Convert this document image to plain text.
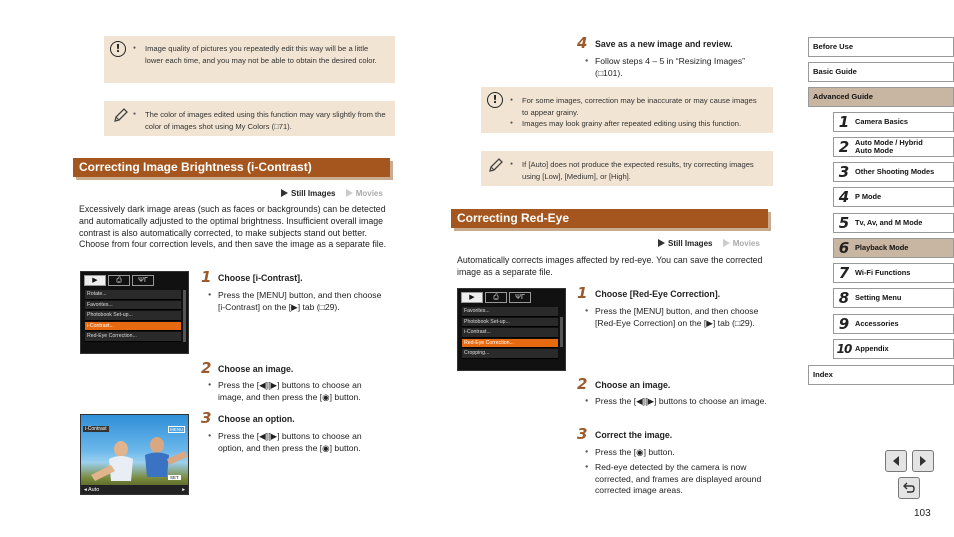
!	● Image quality of pictures you repeatedly edit this way will be a little lower each time, and you may not be able to obtain the desired color.
● The color of images edited using this function may vary slightly from the color of images shot using My Colors (□71).
Correcting Image Brightness (i-Contrast)
Still Images	Movies
Excessively dark image areas (such as faces or backgrounds) can be detected and automatically adjusted to the optimal brightness. Insufficient overall image contrast is also automatically corrected, to make subjects stand out better. Choose from four correction levels, and then save the image as a separate file.
▶	⎙	ΨΓ
Rotate...
Favorites...
Photobook Set-up...
i-Contrast...
Red-Eye Correction...
1 Choose [i-Contrast].
● Press the [MENU] button, and then choose [i-Contrast] on the [▶] tab (□29).
2 Choose an image.
● Press the [◀][▶] buttons to choose an image, and then press the [◉] button.
3 Choose an option.
● Press the [◀][▶] buttons to choose an option, and then press the [◉] button.
i-Contrast	MENU
SET
◂ Auto	▸
4 Save as a new image and review.
● Follow steps 4 – 5 in “Resizing Images” (□101).
!	● For some images, correction may be inaccurate or may cause images to appear grainy.
● Images may look grainy after repeated editing using this function.
● If [Auto] does not produce the expected results, try correcting images using [Low], [Medium], or [High].
Correcting Red-Eye
Still Images	Movies
Automatically corrects images affected by red-eye. You can save the corrected image as a separate file.
▶	⎙	ΨΓ
Favorites...
Photobook Set-up...
i-Contrast...
Red-Eye Correction...
Cropping...
1 Choose [Red-Eye Correction].
● Press the [MENU] button, and then choose [Red-Eye Correction] on the [▶] tab (□29).
2 Choose an image.
● Press the [◀][▶] buttons to choose an image.
3 Correct the image.
● Press the [◉] button.
● Red-eye detected by the camera is now corrected, and frames are displayed around corrected image areas.
Before Use
Basic Guide
Advanced Guide
1 Camera Basics
2 Auto Mode / Hybrid Auto Mode
3 Other Shooting Modes
4 P Mode
5 Tv, Av, and M Mode
6 Playback Mode
7 Wi-Fi Functions
8 Setting Menu
9 Accessories
10 Appendix
Index
103
